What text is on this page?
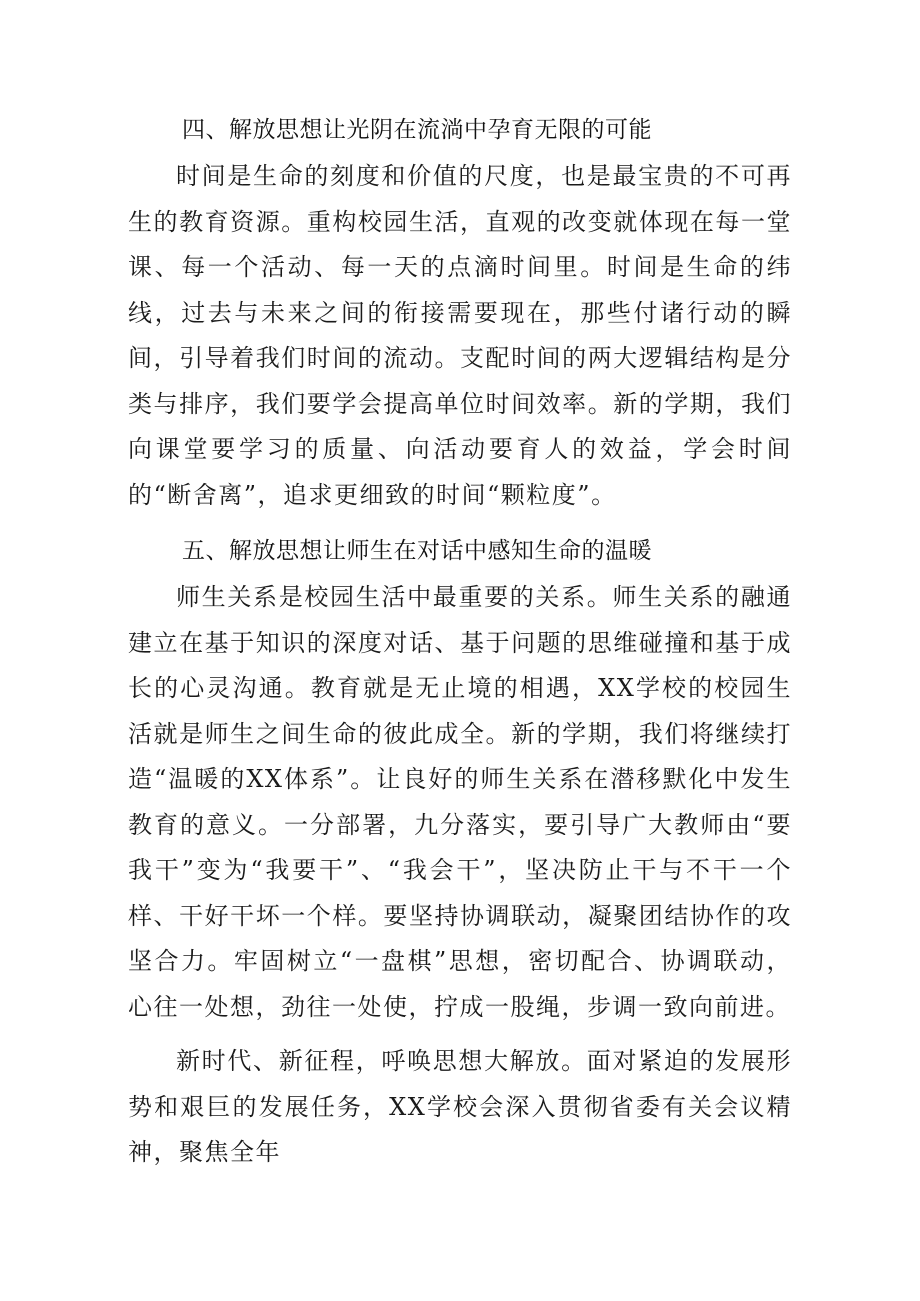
四、解放思想让光阴在流淌中孕育无限的可能

时间是生命的刻度和价值的尺度，也是最宝贵的不可再生的教育资源。重构校园生活，直观的改变就体现在每一堂课、每一个活动、每一天的点滴时间里。时间是生命的纬线，过去与未来之间的衔接需要现在，那些付诸行动的瞬间，引导着我们时间的流动。支配时间的两大逻辑结构是分类与排序，我们要学会提高单位时间效率。新的学期，我们向课堂要学习的质量、向活动要育人的效益，学会时间的“断舍离”，追求更细致的时间“颗粒度”。

五、解放思想让师生在对话中感知生命的温暖

师生关系是校园生活中最重要的关系。师生关系的融通建立在基于知识的深度对话、基于问题的思维碰撞和基于成长的心灵沟通。教育就是无止境的相遇，XX学校的校园生活就是师生之间生命的彼此成全。新的学期，我们将继续打造“温暖的XX体系”。让良好的师生关系在潜移默化中发生教育的意义。一分部署，九分落实，要引导广大教师由“要我干”变为“我要干”、“我会干”，坚决防止干与不干一个样、干好干坏一个样。要坚持协调联动，凝聚团结协作的攻坚合力。牢固树立“一盘棋”思想，密切配合、协调联动，心往一处想，劲往一处使，拧成一股绳，步调一致向前进。

新时代、新征程，呼唤思想大解放。面对紧迫的发展形势和艰巨的发展任务，XX学校会深入贯彻省委有关会议精神，聚焦全年
